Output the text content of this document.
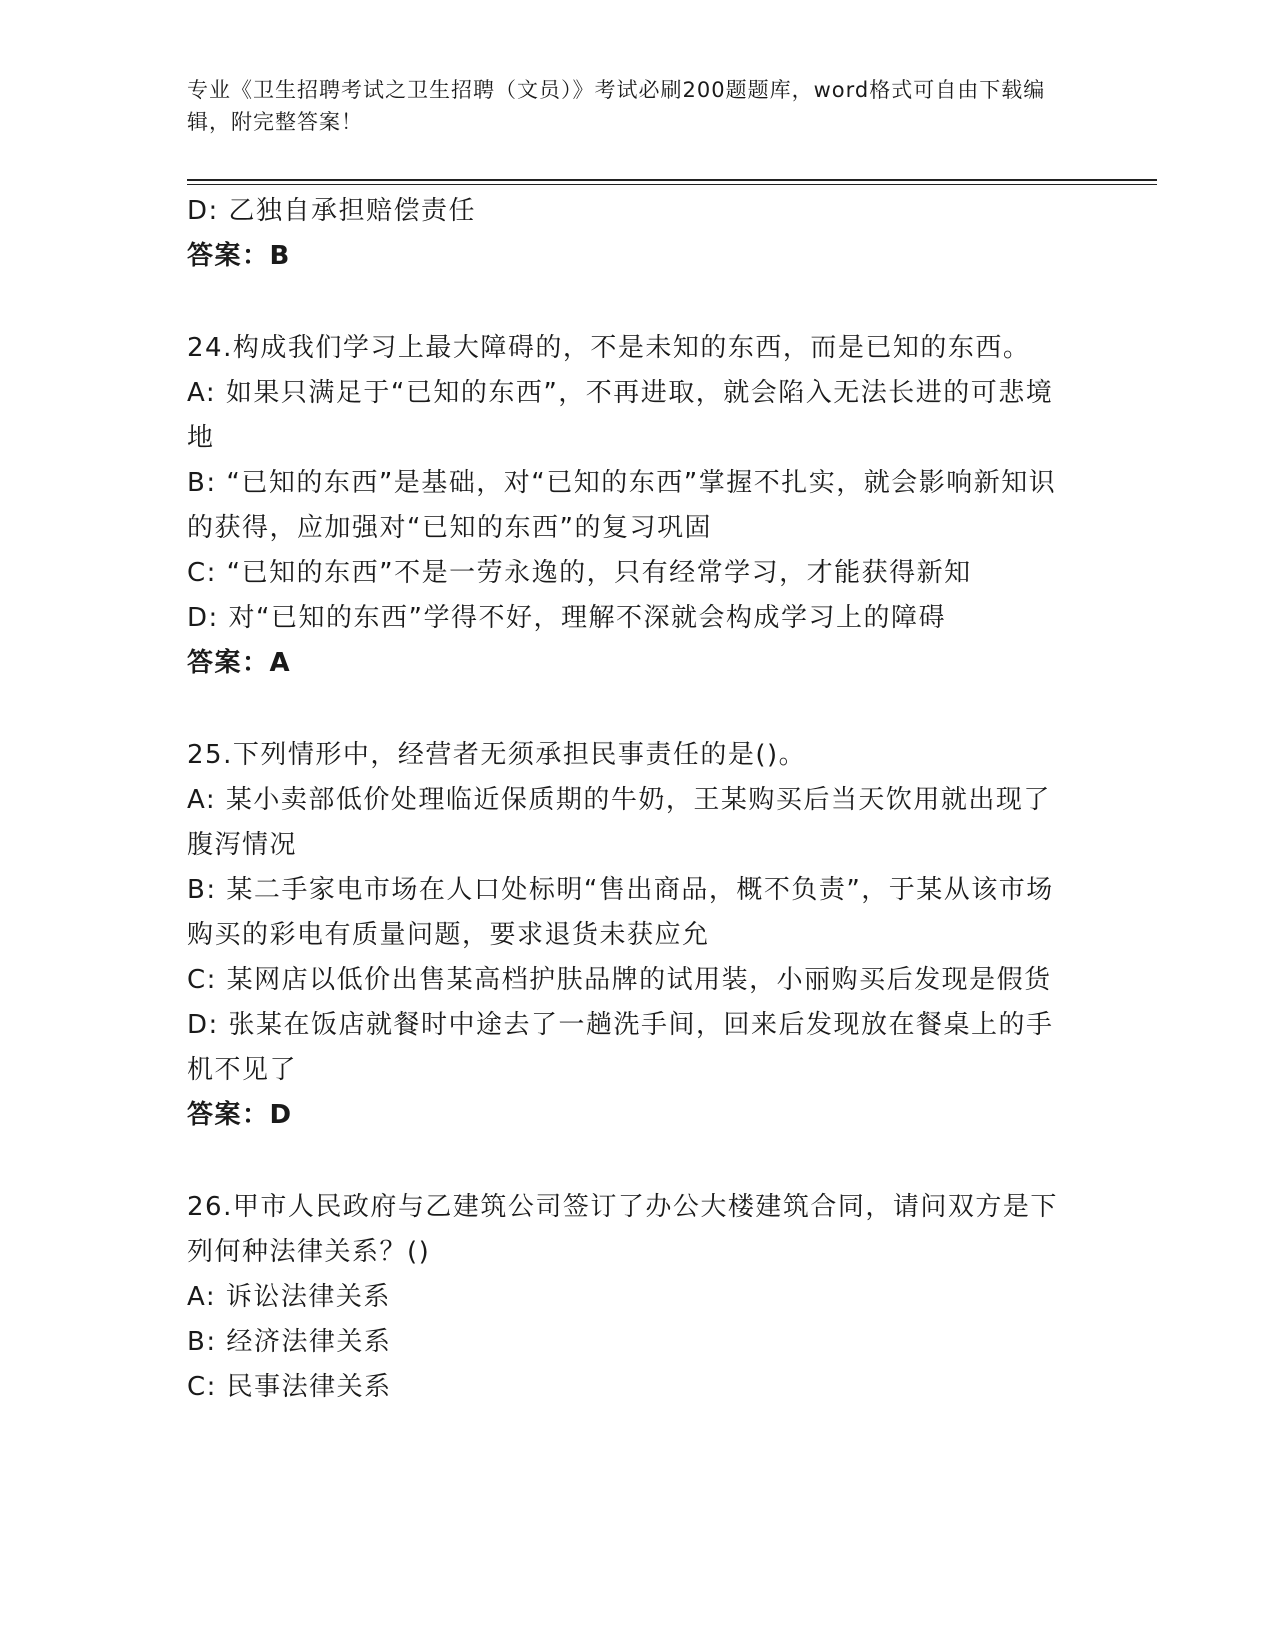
专业《卫生招聘考试之卫生招聘（文员）》考试必刷200题题库，word格式可自由下载编辑，附完整答案！
D: 乙独自承担赔偿责任
答案：B
24.构成我们学习上最大障碍的，不是未知的东西，而是已知的东西。
A: 如果只满足于“已知的东西”，不再进取，就会陷入无法长进的可悲境地
B: “已知的东西”是基础，对“已知的东西”掌握不扎实，就会影响新知识的获得，应加强对“已知的东西”的复习巩固
C: “已知的东西”不是一劳永逸的，只有经常学习，才能获得新知
D: 对“已知的东西”学得不好，理解不深就会构成学习上的障碍
答案：A
25.下列情形中，经营者无须承担民事责任的是()。
A: 某小卖部低价处理临近保质期的牛奶，王某购买后当天饮用就出现了腹泻情况
B: 某二手家电市场在人口处标明“售出商品，概不负责”，于某从该市场购买的彩电有质量问题，要求退货未获应允
C: 某网店以低价出售某高档护肤品牌的试用装，小丽购买后发现是假货
D: 张某在饭店就餐时中途去了一趟洗手间，回来后发现放在餐桌上的手机不见了
答案：D
26.甲市人民政府与乙建筑公司签订了办公大楼建筑合同，请问双方是下列何种法律关系？()
A: 诉讼法律关系
B: 经济法律关系
C: 民事法律关系
